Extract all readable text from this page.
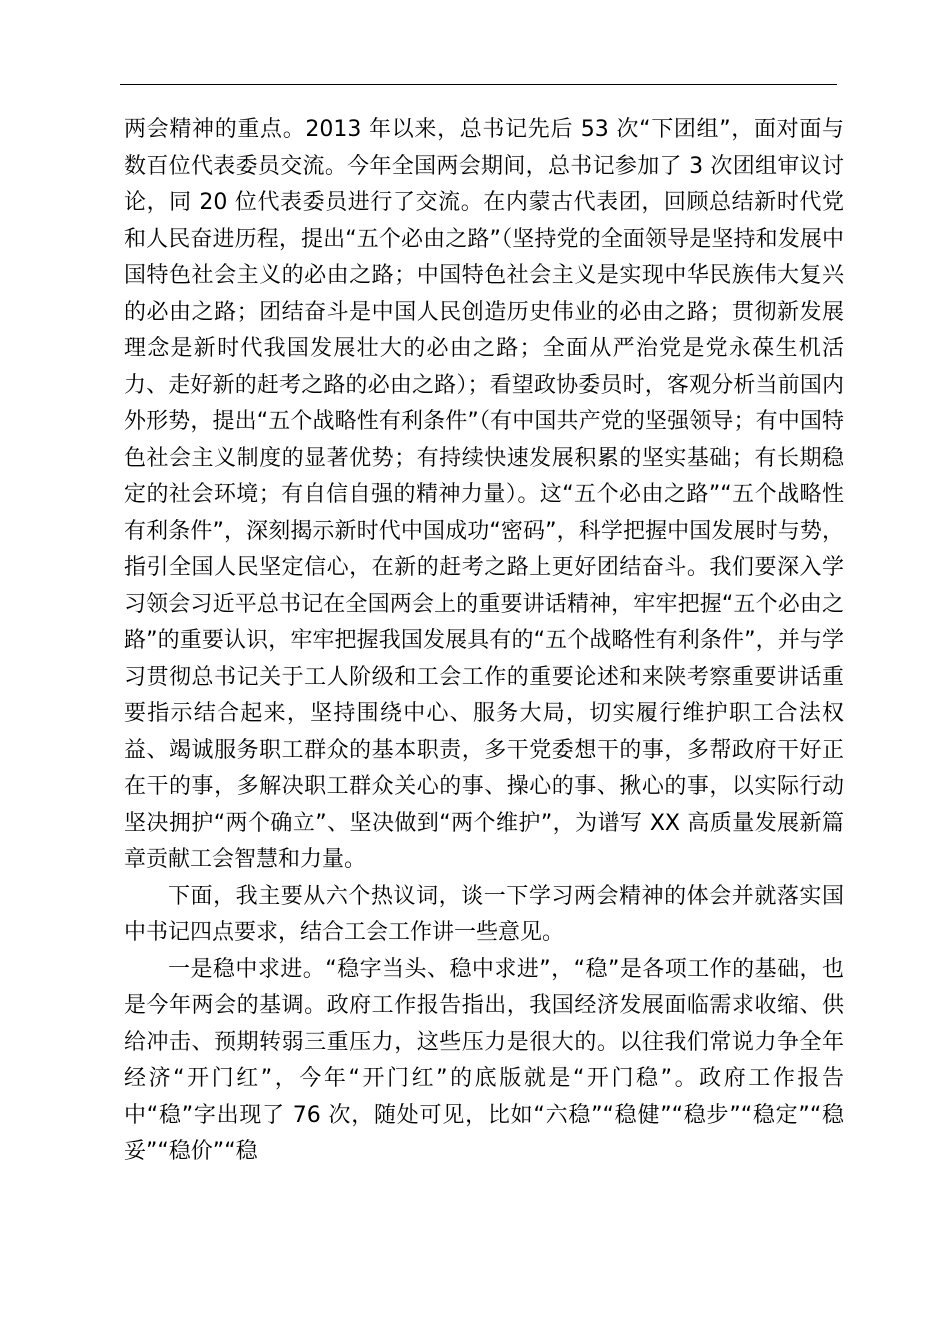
两会精神的重点。2013 年以来，总书记先后 53 次“下团组”，面对面与数百位代表委员交流。今年全国两会期间，总书记参加了 3 次团组审议讨论，同 20 位代表委员进行了交流。在内蒙古代表团，回顾总结新时代党和人民奋进历程，提出“五个必由之路”（坚持党的全面领导是坚持和发展中国特色社会主义的必由之路；中国特色社会主义是实现中华民族伟大复兴的必由之路；团结奋斗是中国人民创造历史伟业的必由之路；贯彻新发展理念是新时代我国发展壮大的必由之路；全面从严治党是党永葆生机活力、走好新的赶考之路的必由之路）；看望政协委员时，客观分析当前国内外形势，提出“五个战略性有利条件”（有中国共产党的坚强领导；有中国特色社会主义制度的显著优势；有持续快速发展积累的坚实基础；有长期稳定的社会环境；有自信自强的精神力量）。这“五个必由之路”“五个战略性有利条件”，深刻揭示新时代中国成功“密码”，科学把握中国发展时与势，指引全国人民坚定信心，在新的赶考之路上更好团结奋斗。我们要深入学习领会习近平总书记在全国两会上的重要讲话精神，牢牢把握“五个必由之路”的重要认识，牢牢把握我国发展具有的“五个战略性有利条件”，并与学习贯彻总书记关于工人阶级和工会工作的重要论述和来陕考察重要讲话重要指示结合起来，坚持围绕中心、服务大局，切实履行维护职工合法权益、竭诚服务职工群众的基本职责，多干党委想干的事，多帮政府干好正在干的事，多解决职工群众关心的事、操心的事、揪心的事，以实际行动坚决拥护“两个确立”、坚决做到“两个维护”，为谱写 XX 高质量发展新篇章贡献工会智慧和力量。

下面，我主要从六个热议词，谈一下学习两会精神的体会并就落实国中书记四点要求，结合工会工作讲一些意见。

一是稳中求进。“稳字当头、稳中求进”，“稳”是各项工作的基础，也是今年两会的基调。政府工作报告指出，我国经济发展面临需求收缩、供给冲击、预期转弱三重压力，这些压力是很大的。以往我们常说力争全年经济“开门红”，今年“开门红”的底版就是“开门稳”。政府工作报告中“稳”字出现了 76 次，随处可见，比如“六稳”“稳健”“稳步”“稳定”“稳妥”“稳价”“稳
